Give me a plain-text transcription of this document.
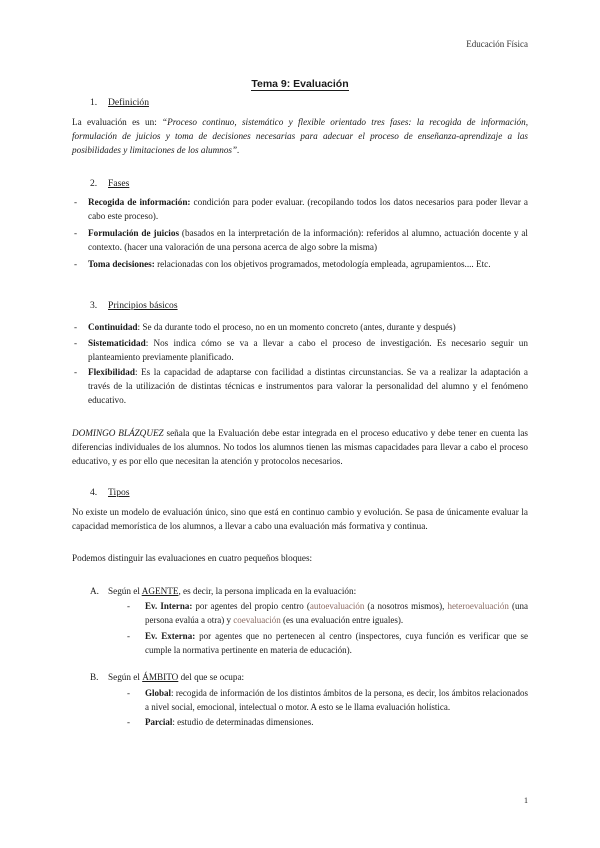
Educación Física
Tema 9: Evaluación
1. Definición
La evaluación es un: “Proceso continuo, sistemático y flexible orientado tres fases: la recogida de información, formulación de juicios y toma de decisiones necesarias para adecuar el proceso de enseñanza-aprendizaje a las posibilidades y limitaciones de los alumnos”.
2. Fases
- Recogida de información: condición para poder evaluar. (recopilando todos los datos necesarios para poder llevar a cabo este proceso).
- Formulación de juicios (basados en la interpretación de la información): referidos al alumno, actuación docente y al contexto. (hacer una valoración de una persona acerca de algo sobre la misma)
- Toma decisiones: relacionadas con los objetivos programados, metodología empleada, agrupamientos.... Etc.
3. Principios básicos
- Continuidad: Se da durante todo el proceso, no en un momento concreto (antes, durante y después)
- Sistematicidad: Nos indica cómo se va a llevar a cabo el proceso de investigación. Es necesario seguir un planteamiento previamente planificado.
- Flexibilidad: Es la capacidad de adaptarse con facilidad a distintas circunstancias. Se va a realizar la adaptación a través de la utilización de distintas técnicas e instrumentos para valorar la personalidad del alumno y el fenómeno educativo.
DOMINGO BLÁZQUEZ señala que la Evaluación debe estar integrada en el proceso educativo y debe tener en cuenta las diferencias individuales de los alumnos. No todos los alumnos tienen las mismas capacidades para llevar a cabo el proceso educativo, y es por ello que necesitan la atención y protocolos necesarios.
4. Tipos
No existe un modelo de evaluación único, sino que está en continuo cambio y evolución. Se pasa de únicamente evaluar la capacidad memorística de los alumnos, a llevar a cabo una evaluación más formativa y continua.
Podemos distinguir las evaluaciones en cuatro pequeños bloques:
A. Según el AGENTE, es decir, la persona implicada en la evaluación:
- Ev. Interna: por agentes del propio centro (autoevaluación (a nosotros mismos), heteroevaluación (una persona evalúa a otra) y coevaluación (es una evaluación entre iguales).
- Ev. Externa: por agentes que no pertenecen al centro (inspectores, cuya función es verificar que se cumple la normativa pertinente en materia de educación).
B. Según el ÁMBITO del que se ocupa:
- Global: recogida de información de los distintos ámbitos de la persona, es decir, los ámbitos relacionados a nivel social, emocional, intelectual o motor. A esto se le llama evaluación holística.
- Parcial: estudio de determinadas dimensiones.
1
